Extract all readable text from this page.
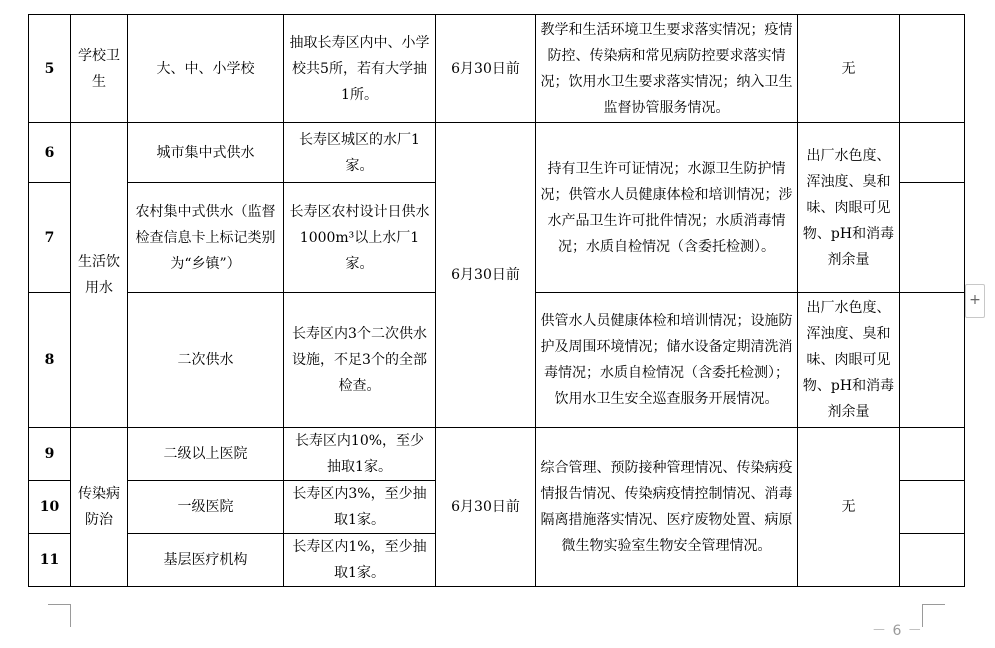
5	学校卫生	大、中、小学校	抽取长寿区内中、小学校共5所，若有大学抽1所。	6月30日前	教学和生活环境卫生要求落实情况；疫情防控、传染病和常见病防控要求落实情况；饮用水卫生要求落实情况；纳入卫生监督协管服务情况。	无	
6	生活饮用水	城市集中式供水	长寿区城区的水厂1家。	6月30日前	持有卫生许可证情况；水源卫生防护情况；供管水人员健康体检和培训情况；涉水产品卫生许可批件情况；水质消毒情况；水质自检情况（含委托检测）。	出厂水色度、浑浊度、臭和味、肉眼可见物、pH和消毒剂余量	
7		农村集中式供水（监督检查信息卡上标记类别为“乡镇”）	长寿区农村设计日供水1000m³以上水厂1家。				
8		二次供水	长寿区内3个二次供水设施，不足3个的全部检查。		供管水人员健康体检和培训情况；设施防护及周围环境情况；储水设备定期清洗消毒情况；水质自检情况（含委托检测）；饮用水卫生安全巡查服务开展情况。	出厂水色度、浑浊度、臭和味、肉眼可见物、pH和消毒剂余量	
9	传染病防治	二级以上医院	长寿区内10%，至少抽取1家。	6月30日前	综合管理、预防接种管理情况、传染病疫情报告情况、传染病疫情控制情况、消毒隔离措施落实情况、医疗废物处置、病原微生物实验室生物安全管理情况。	无	
10		一级医院	长寿区内3%，至少抽取1家。				
11		基层医疗机构	长寿区内1%，至少抽取1家。				
+
－ 6 －
